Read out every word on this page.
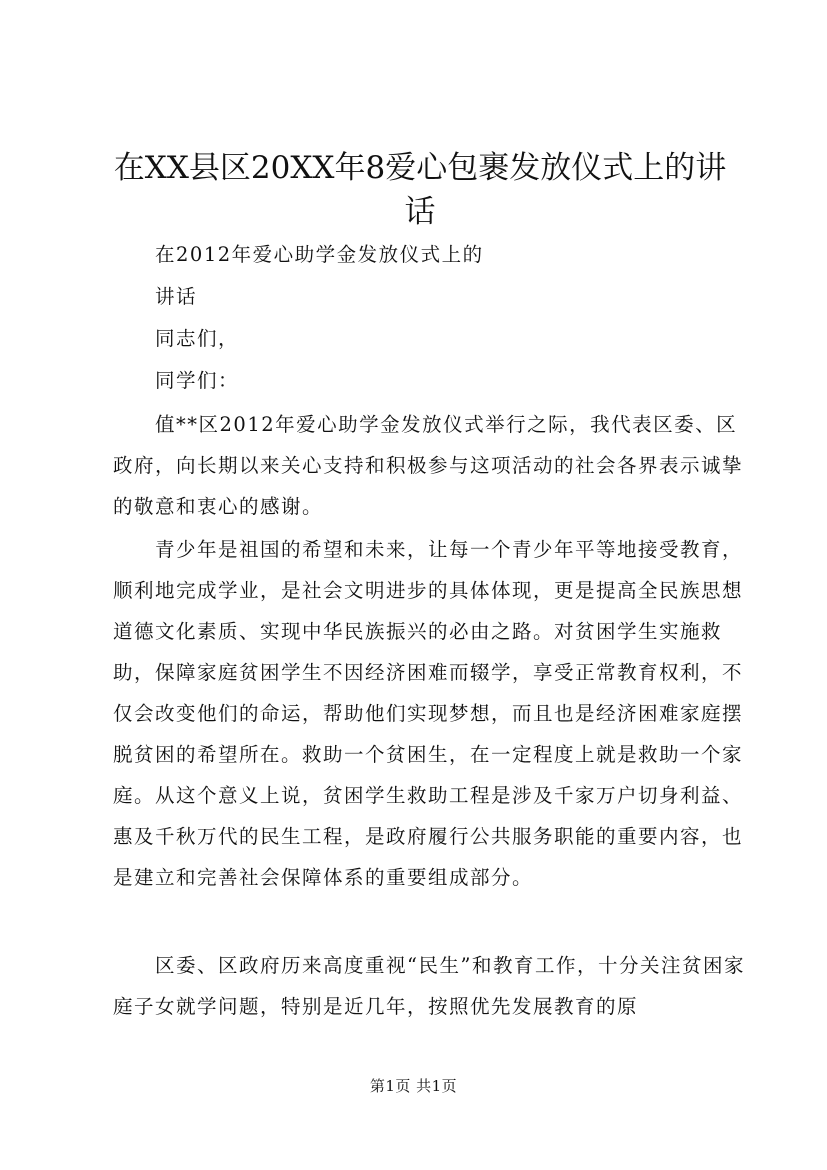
在XX县区20XX年8爱心包裹发放仪式上的讲话

在2012年爱心助学金发放仪式上的

讲话

同志们，

同学们：

值**区2012年爱心助学金发放仪式举行之际，我代表区委、区政府，向长期以来关心支持和积极参与这项活动的社会各界表示诚挚的敬意和衷心的感谢。

青少年是祖国的希望和未来，让每一个青少年平等地接受教育，顺利地完成学业，是社会文明进步的具体体现，更是提高全民族思想道德文化素质、实现中华民族振兴的必由之路。对贫困学生实施救助，保障家庭贫困学生不因经济困难而辍学，享受正常教育权利，不仅会改变他们的命运，帮助他们实现梦想，而且也是经济困难家庭摆脱贫困的希望所在。救助一个贫困生，在一定程度上就是救助一个家庭。从这个意义上说，贫困学生救助工程是涉及千家万户切身利益、惠及千秋万代的民生工程，是政府履行公共服务职能的重要内容，也是建立和完善社会保障体系的重要组成部分。

区委、区政府历来高度重视“民生”和教育工作，十分关注贫困家庭子女就学问题，特别是近几年，按照优先发展教育的原

第1页 共1页
